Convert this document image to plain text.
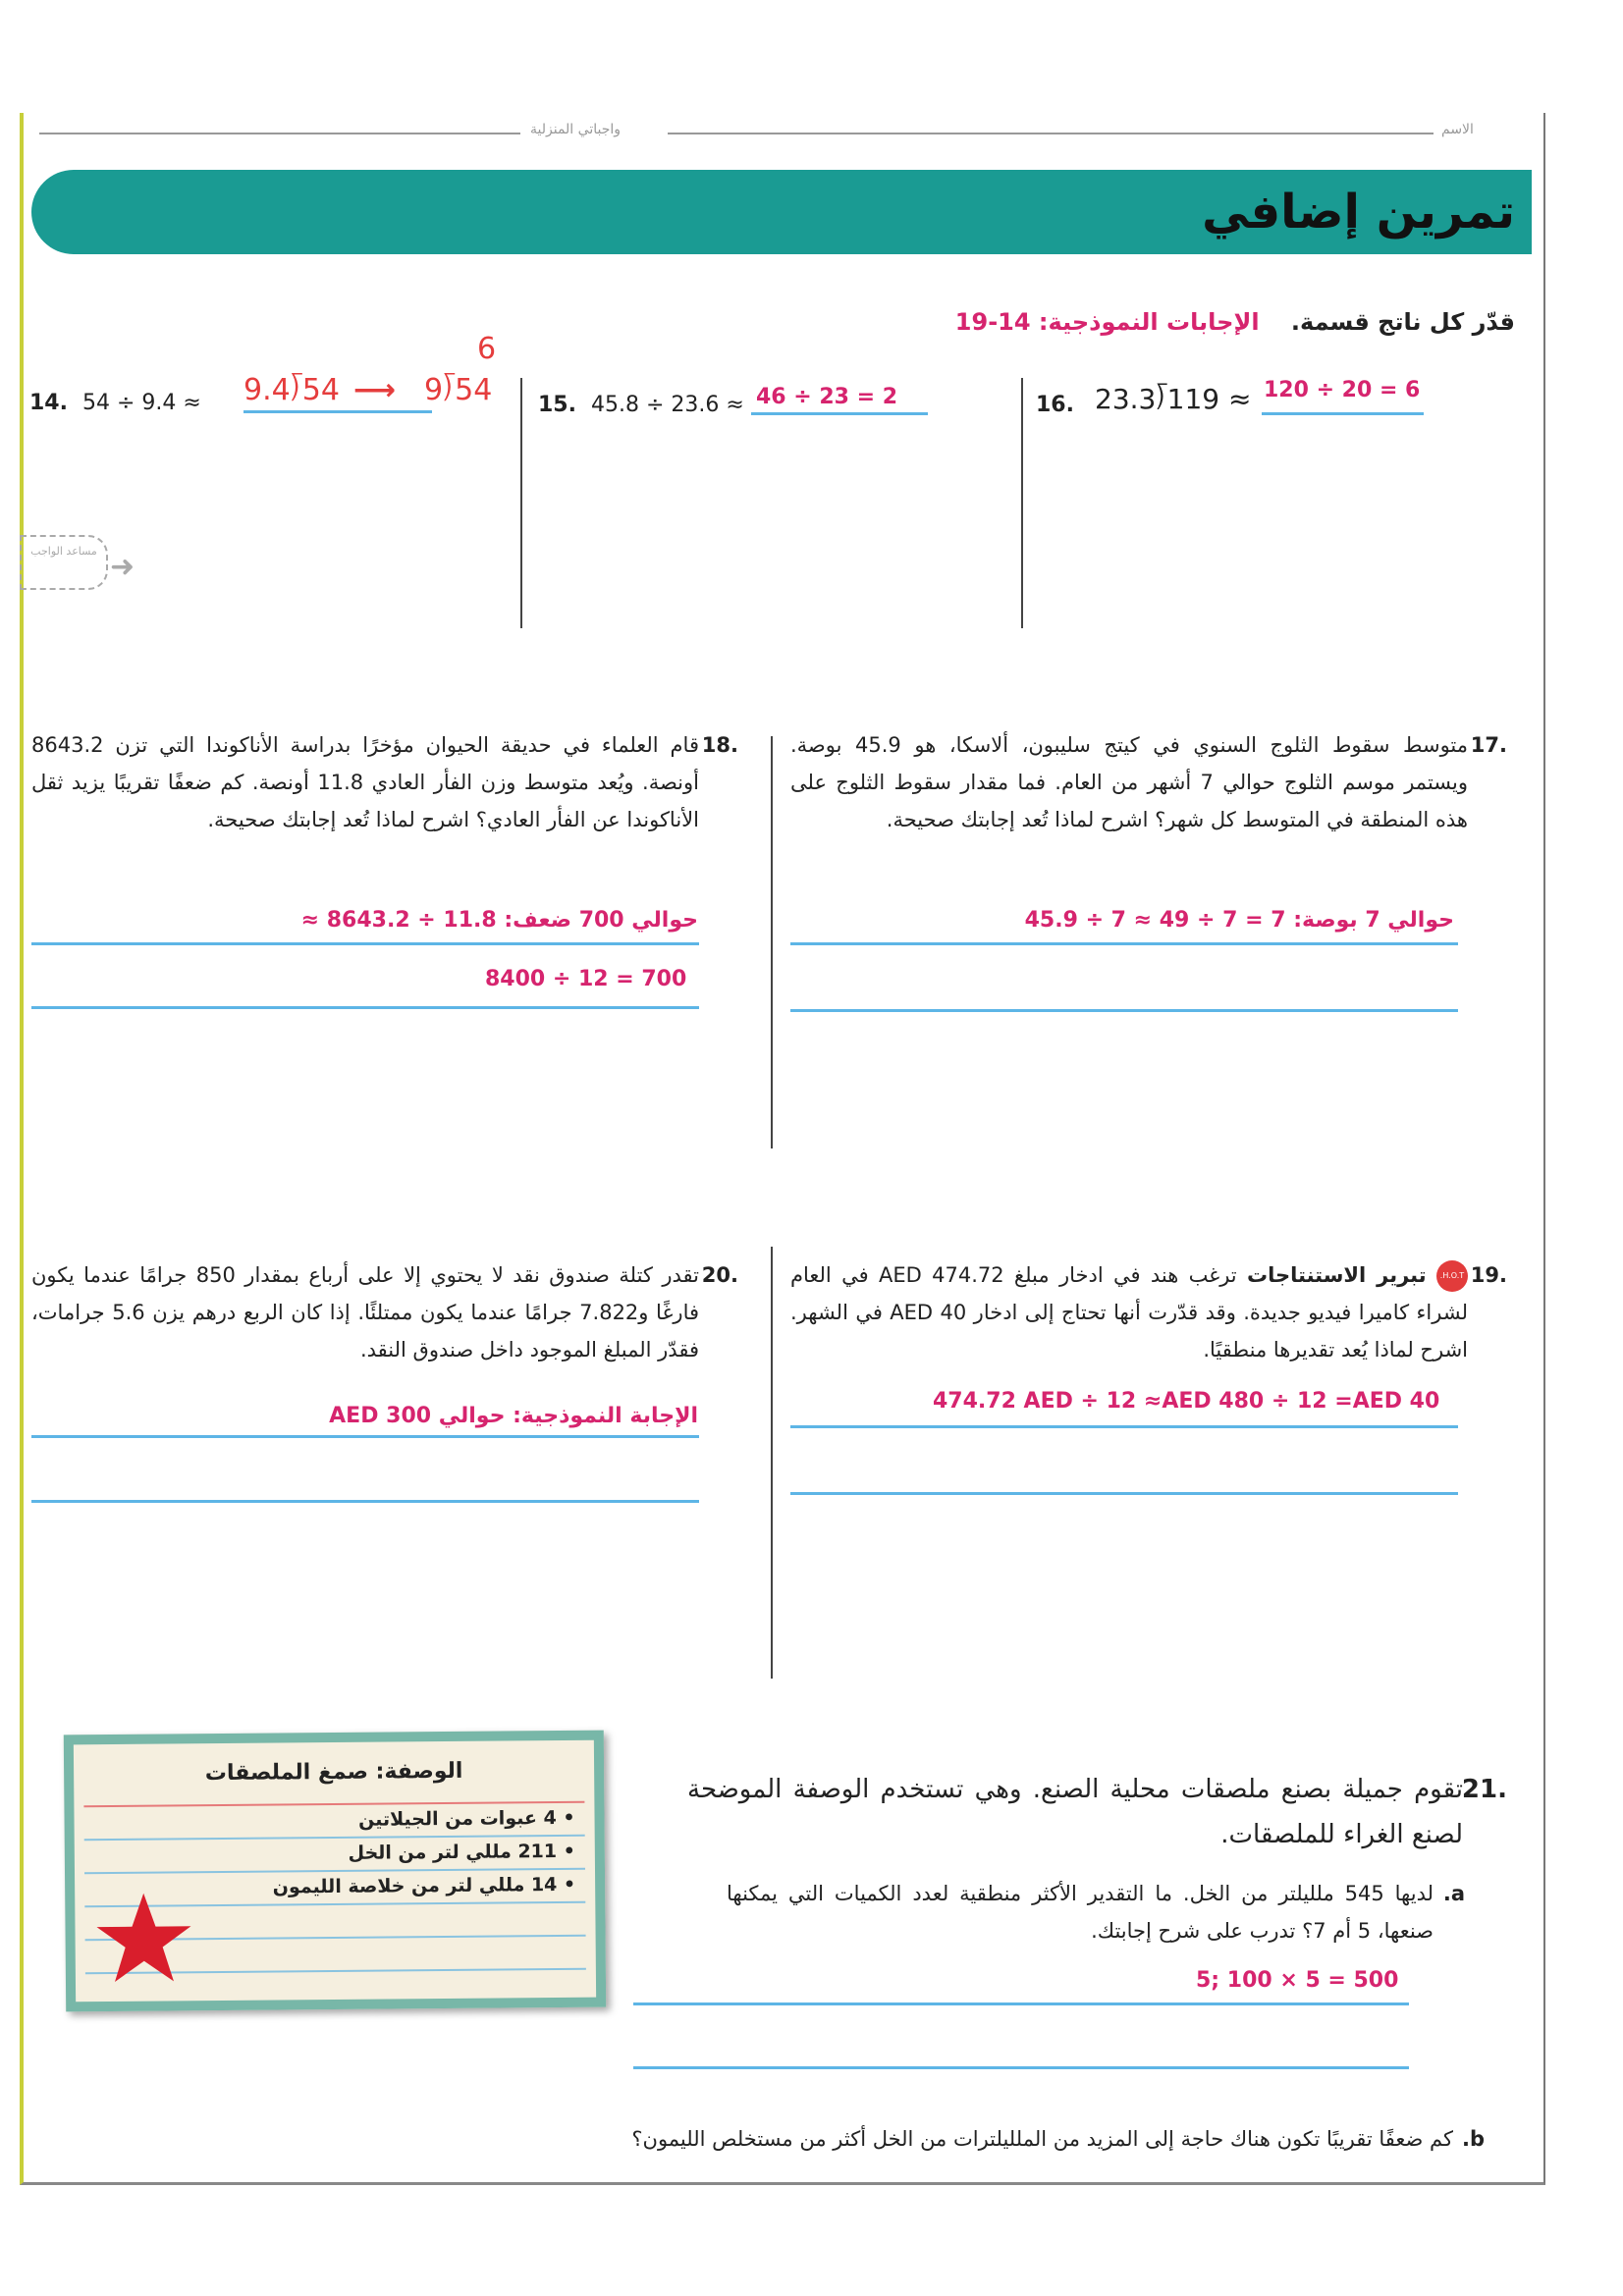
واجباتي المنزلية	الاسم
تمرين إضافي
قدّر كل ناتج قسمة. الإجابات النموذجية: 14-19
14. 54 ÷ 9.4 ≈ 9.4⟌54 ⟶ 9⟌54
6
15. 45.8 ÷ 23.6 ≈ 46 ÷ 23 = 2	16. 23.3⟌119 ≈ 120 ÷ 20 = 6
مساعد الواجب ➜
.17
متوسط سقوط الثلوج السنوي في كيتج سليبون، ألاسكا، هو 45.9 بوصة. ويستمر موسم الثلوج حوالي 7 أشهر من العام. فما مقدار سقوط الثلوج على هذه المنطقة في المتوسط كل شهر؟ اشرح لماذا تُعد إجابتك صحيحة.
حوالي 7 بوصة: 7 = 7 ÷ 49 ≈ 7 ÷ 45.9
.18
قام العلماء في حديقة الحيوان مؤخرًا بدراسة الأناكوندا التي تزن 8643.2 أونصة. ويُعد متوسط وزن الفأر العادي 11.8 أونصة. كم ضعفًا تقريبًا يزيد ثقل الأناكوندا عن الفأر العادي؟ اشرح لماذا تُعد إجابتك صحيحة.
حوالي 700 ضعف: 11.8 ÷ 8643.2 ≈
8400 ÷ 12 = 700
.19
H.O.T. تبرير الاستنتاجات ترغب هند في ادخار مبلغ 474.72 AED في العام لشراء كاميرا فيديو جديدة. وقد قدّرت أنها تحتاج إلى ادخار 40 AED في الشهر. اشرح لماذا يُعد تقديرها منطقيًا.
474.72 AED ÷ 12 ≈AED 480 ÷ 12 =AED 40
.20
تقدر كتلة صندوق نقد لا يحتوي إلا على أرباع بمقدار 850 جرامًا عندما يكون فارغًا و7.822 جرامًا عندما يكون ممتلئًا. إذا كان الربع درهم يزن 5.6 جرامات، فقدّر المبلغ الموجود داخل صندوق النقد.
الإجابة النموذجية: حوالي 300 AED
الوصفة: صمغ الملصقات
• 4 عبوات من الجيلاتين
• 211 مللي لتر من الخل
• 14 مللي لتر من خلاصة الليمون
.21
تقوم جميلة بصنع ملصقات محلية الصنع. وهي تستخدم الوصفة الموضحة لصنع الغراء للملصقات.
a.
لديها 545 ملليلتر من الخل. ما التقدير الأكثر منطقية لعدد الكميات التي يمكنها صنعها، 5 أم 7؟ تدرب على شرح إجابتك.
5; 100 × 5 = 500
b.
كم ضعفًا تقريبًا تكون هناك حاجة إلى المزيد من الملليلترات من الخل أكثر من مستخلص الليمون؟
